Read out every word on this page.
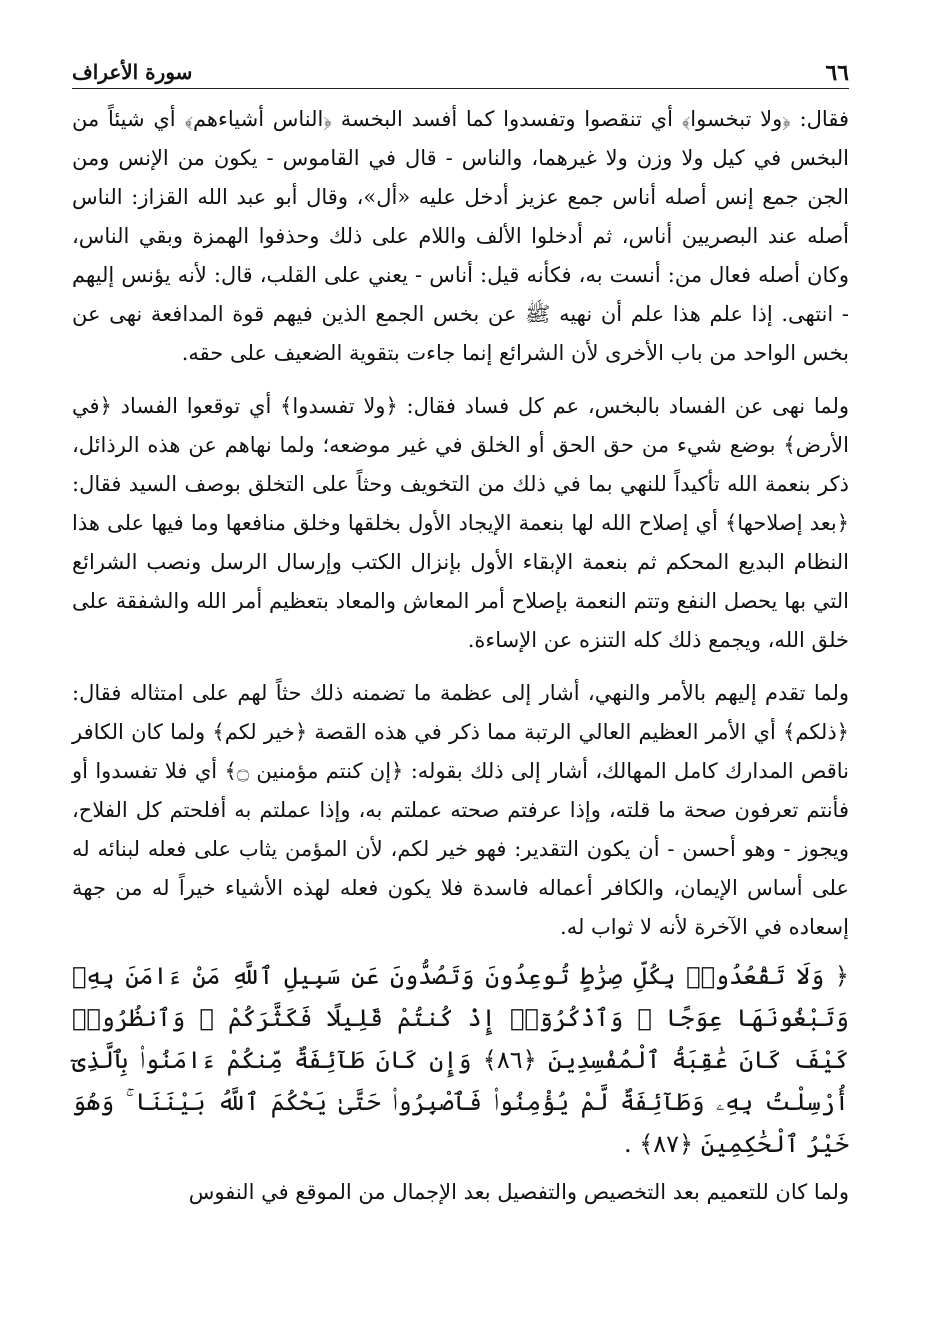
٦٦
سورة الأعراف

فقال: ﴿ولا تبخسوا﴾ أي تنقصوا وتفسدوا كما أفسد البخسة ﴿الناس أشياءهم﴾ أي شيئاً من البخس في كيل ولا وزن ولا غيرهما، والناس - قال في القاموس - يكون من الإنس ومن الجن جمع إنس أصله أناس جمع عزيز أدخل عليه «أل»، وقال أبو عبد الله القزاز: الناس أصله عند البصريين أناس، ثم أدخلوا الألف واللام على ذلك وحذفوا الهمزة وبقي الناس، وكان أصله فعال من: أنست به، فكأنه قيل: أناس - يعني على القلب، قال: لأنه يؤنس إليهم - انتهى. إذا علم هذا علم أن نهيه ﷺ عن بخس الجمع الذين فيهم قوة المدافعة نهى عن بخس الواحد من باب الأخرى لأن الشرائع إنما جاءت بتقوية الضعيف على حقه.

ولما نهى عن الفساد بالبخس، عم كل فساد فقال: ﴿ولا تفسدوا﴾ أي توقعوا الفساد ﴿في الأرض﴾ بوضع شيء من حق الحق أو الخلق في غير موضعه؛ ولما نهاهم عن هذه الرذائل، ذكر بنعمة الله تأكيداً للنهي بما في ذلك من التخويف وحثاً على التخلق بوصف السيد فقال: ﴿بعد إصلاحها﴾ أي إصلاح الله لها بنعمة الإيجاد الأول بخلقها وخلق منافعها وما فيها على هذا النظام البديع المحكم ثم بنعمة الإبقاء الأول بإنزال الكتب وإرسال الرسل ونصب الشرائع التي بها يحصل النفع وتتم النعمة بإصلاح أمر المعاش والمعاد بتعظيم أمر الله والشفقة على خلق الله، ويجمع ذلك كله التنزه عن الإساءة.

ولما تقدم إليهم بالأمر والنهي، أشار إلى عظمة ما تضمنه ذلك حثاً لهم على امتثاله فقال: ﴿ذلكم﴾ أي الأمر العظيم العالي الرتبة مما ذكر في هذه القصة ﴿خير لكم﴾ ولما كان الكافر ناقص المدارك كامل المهالك، أشار إلى ذلك بقوله: ﴿إن كنتم مؤمنين ۝﴾ أي فلا تفسدوا أو فأنتم تعرفون صحة ما قلته، وإذا عرفتم صحته عملتم به، وإذا عملتم به أفلحتم كل الفلاح، ويجوز - وهو أحسن - أن يكون التقدير: فهو خير لكم، لأن المؤمن يثاب على فعله لبنائه له على أساس الإيمان، والكافر أعماله فاسدة فلا يكون فعله لهذه الأشياء خيراً له من جهة إسعاده في الآخرة لأنه لا ثواب له.

﴿ وَلَا تَقْعُدُوا۟ بِكُلِّ صِرَٰطٍ تُوعِدُونَ وَتَصُدُّونَ عَن سَبِيلِ ٱللَّهِ مَنْ ءَامَنَ بِهِۦ وَتَبْغُونَهَا عِوَجًا ۚ وَٱذْكُرُوٓا۟ إِذْ كُنتُمْ قَلِيلًا فَكَثَّرَكُمْ ۖ وَٱنظُرُوا۟ كَيْفَ كَانَ عَٰقِبَةُ ٱلْمُفْسِدِينَ ﴿٨٦﴾ وَإِن كَانَ طَآئِفَةٌ مِّنكُمْ ءَامَنُوا۟ بِٱلَّذِىٓ أُرْسِلْتُ بِهِۦ وَطَآئِفَةٌ لَّمْ يُؤْمِنُوا۟ فَٱصْبِرُوا۟ حَتَّىٰ يَحْكُمَ ٱللَّهُ بَيْنَنَا ۚ وَهُوَ خَيْرُ ٱلْحَٰكِمِينَ ﴿٨٧﴾ .

ولما كان للتعميم بعد التخصيص والتفصيل بعد الإجمال من الموقع في النفوس
